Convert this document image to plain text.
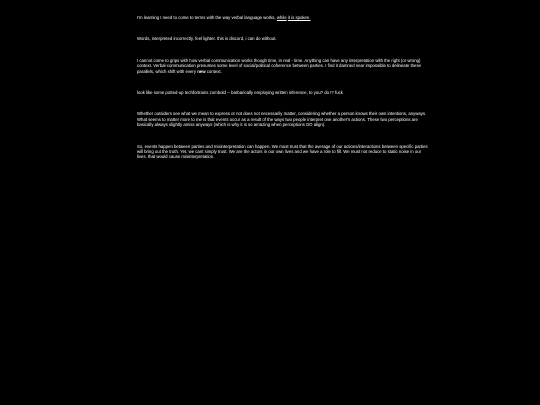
I'm learning I need to come to terms with the way verbal language works, while it is spoken.

Words, interpreted incorrectly, feel lighter. this is discord, i can do without.

I cannot come to grips with how verbal communication works though time, in real - time. Anything can have any interpretation with the right (or wrong) context. Verbal-communication presumes some level of social/political coherence between parties. I find it damned near impossible to delineate these parallels, which shift with every new context.

look like some potted-up techfortrains zombold -- barbarically employing written inference, to you? do I? fuck

Whether outsiders see what we mean to express or not does not necessarily matter, considering whether a person knows their own intentions, anyways. What seems to matter more to me is that events occur as a result of the ways two people interpret one another's actions. These two perceptions are basically always slightly amiss anyways (which is why it is so amazing when perceptions DO align).

So, events happen between parties and misinterpretation can happen. We must trust that the average of our actions/interactions between specific parties will bring out the truth. Yet, we cant simply trust. We are the actors in our own lives and we have a role to fill. We must not reduce to static noise in our lives. that would cause misinterpretation.
